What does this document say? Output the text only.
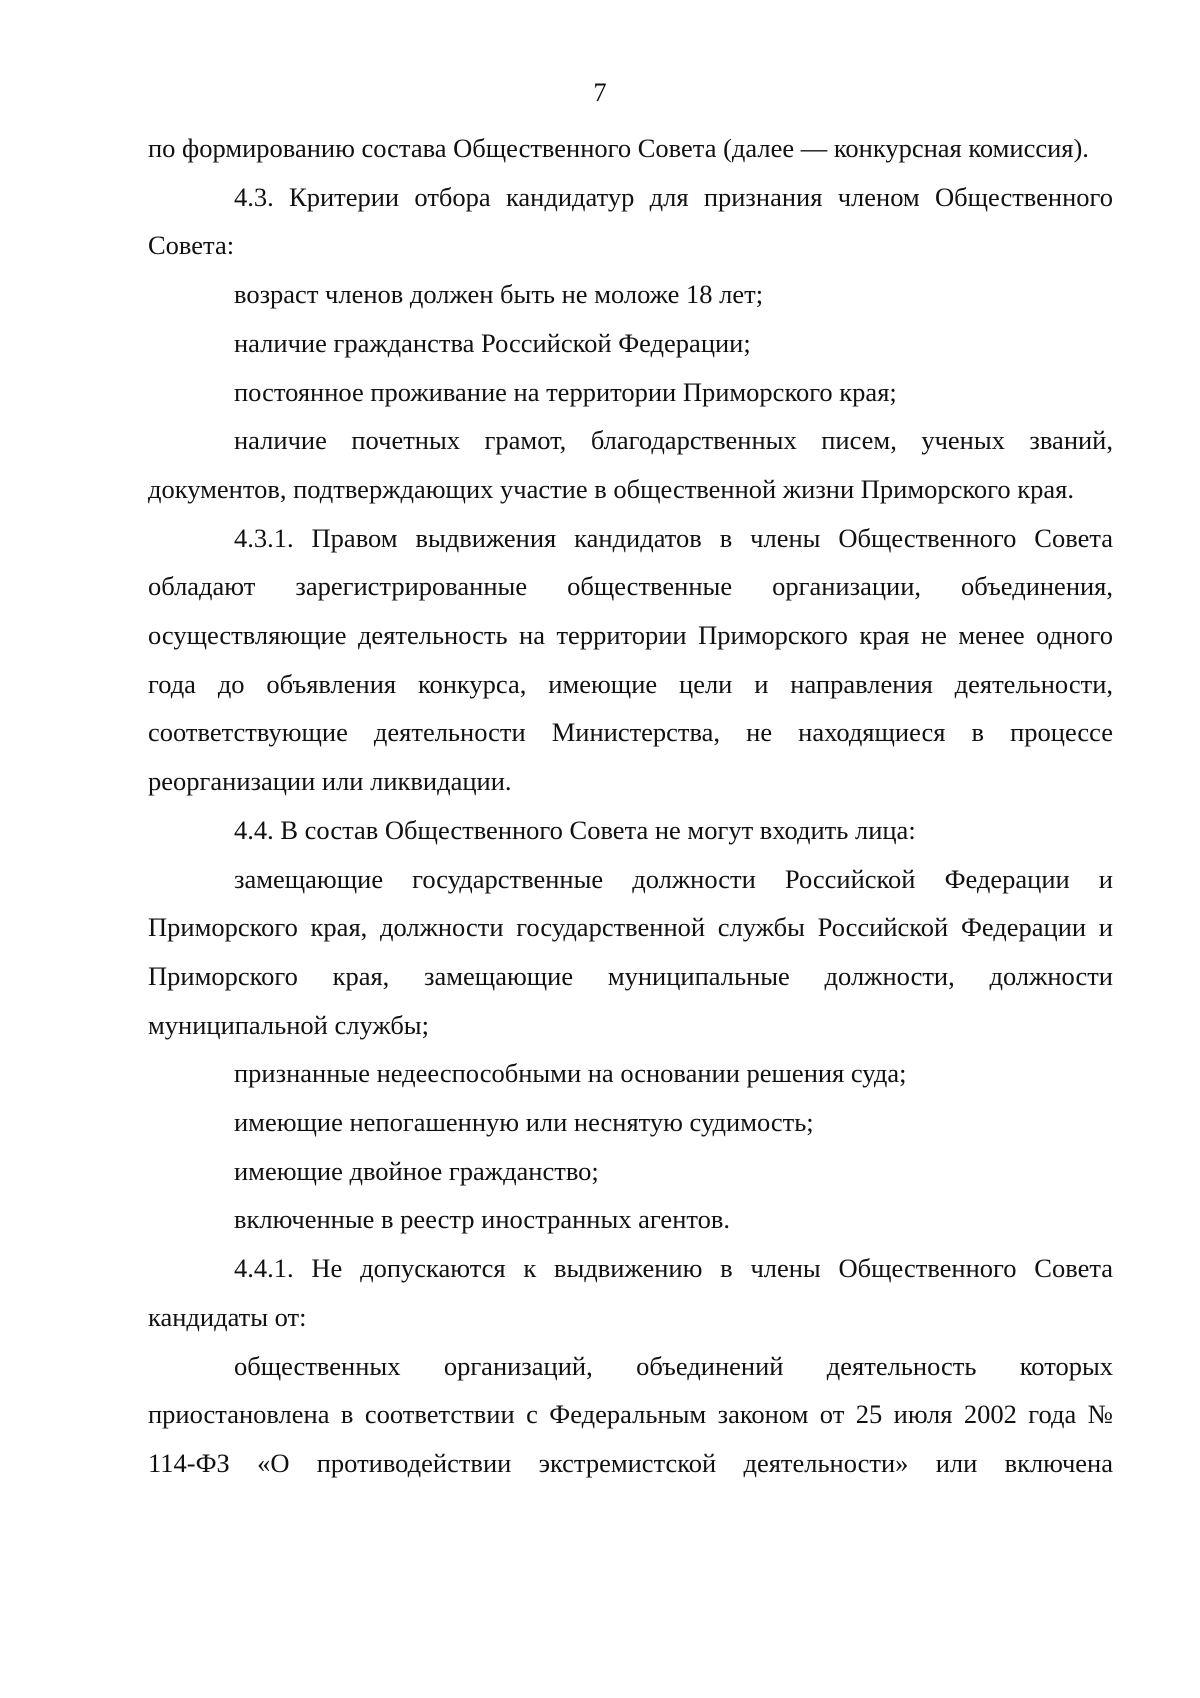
7

по формированию состава Общественного Совета (далее — конкурсная комиссия).

4.3. Критерии отбора кандидатур для признания членом Общественного Совета:

возраст членов должен быть не моложе 18 лет;

наличие гражданства Российской Федерации;

постоянное проживание на территории Приморского края;

наличие почетных грамот, благодарственных писем, ученых званий, документов, подтверждающих участие в общественной жизни Приморского края.

4.3.1. Правом выдвижения кандидатов в члены Общественного Совета обладают зарегистрированные общественные организации, объединения, осуществляющие деятельность на территории Приморского края не менее одного года до объявления конкурса, имеющие цели и направления деятельности, соответствующие деятельности Министерства, не находящиеся в процессе реорганизации или ликвидации.

4.4. В состав Общественного Совета не могут входить лица:

замещающие государственные должности Российской Федерации и Приморского края, должности государственной службы Российской Федерации и Приморского края, замещающие муниципальные должности, должности муниципальной службы;

признанные недееспособными на основании решения суда;

имеющие непогашенную или неснятую судимость;

имеющие двойное гражданство;

включенные в реестр иностранных агентов.

4.4.1. Не допускаются к выдвижению в члены Общественного Совета кандидаты от:

общественных организаций, объединений деятельность которых приостановлена в соответствии с Федеральным законом от 25 июля 2002 года № 114-ФЗ «О противодействии экстремистской деятельности» или включена
